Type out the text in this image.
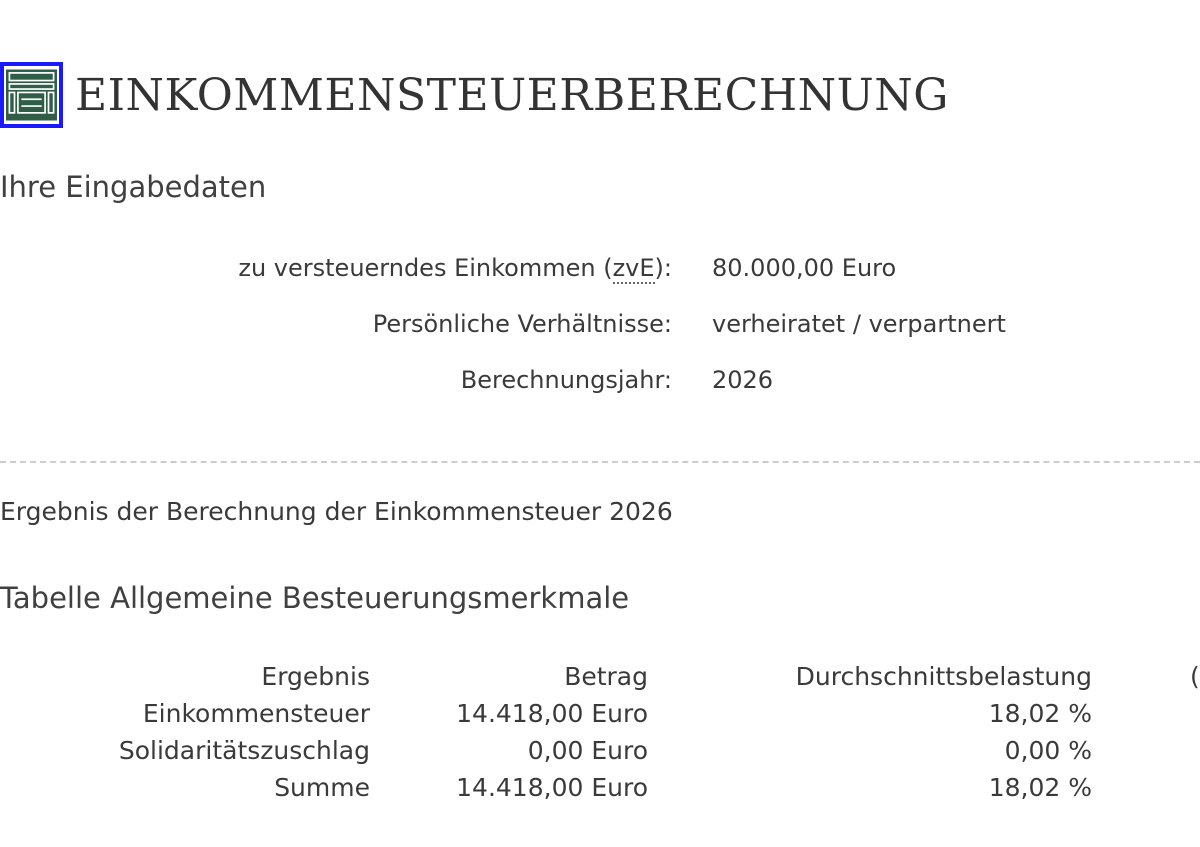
EINKOMMENSTEUERBERECHNUNG
Ihre Eingabedaten
zu versteuerndes Einkommen (zvE): 80.000,00 Euro
Persönliche Verhältnisse: verheiratet / verpartnert
Berechnungsjahr: 2026
Ergebnis der Berechnung der Einkommensteuer 2026
Tabelle Allgemeine Besteuerungsmerkmale
Ergebnis	Betrag	Durchschnittsbelastung	(
Einkommensteuer	14.418,00 Euro	18,02 %
Solidaritätszuschlag	0,00 Euro	0,00 %
Summe	14.418,00 Euro	18,02 %
